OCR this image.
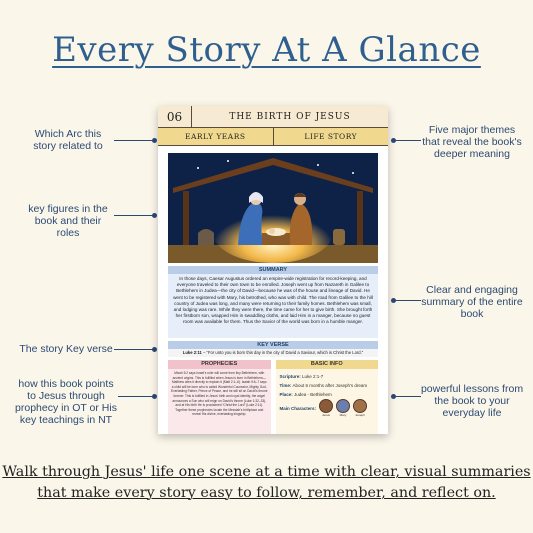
Every Story At A Glance
Which Arc this story related to
key figures in the book and their roles
The story Key verse
how this book points to Jesus through prophecy in OT or His key teachings in NT
Five major themes that reveal the book's deeper meaning
Clear and engaging summary of the entire book
powerful lessons from the book to your everyday life
06	THE BIRTH OF JESUS
EARLY YEARS	LIFE STORY
SUMMARY
In those days, Caesar Augustus ordered an empire-wide registration for record-keeping, and everyone traveled to their own town to be enrolled. Joseph went up from Nazareth in Galilee to Bethlehem in Judea—the city of David—because he was of the house and lineage of David. He went to be registered with Mary, his betrothed, who was with child. The road from Galilee to the hill country of Judea was long, and many were returning to their family homes. Bethlehem was small, and lodging was rare. While they were there, the time came for her to give birth. She brought forth her firstborn son, wrapped Him in swaddling cloths, and laid Him in a manger, because no guest room was available for them. Thus the Savior of the world was born in a humble manger.
KEY VERSE
Luke 2:11 – “For unto you is born this day in the city of David a Saviour, which is Christ the Lord.”
PROPHECIES
Micah 5:2 says Israel's ruler will come from tiny Bethlehem, with ancient origins. This is fulfilled when Jesus is born in Bethlehem—Matthew cites it directly to explain it (Matt 2:1–6). Isaiah 9:6–7 says a child will be born who is called Wonderful Counselor, Mighty God, Everlasting Father, Prince of Peace, and he will sit on David's throne forever. This is fulfilled in Jesus' birth and royal identity, the angel announces a Son who will reign on David's throne (Luke 1:32–33), and at His birth He is proclaimed “Christ the Lord” (Luke 2:11). Together these prophecies locate the Messiah's birthplace and reveal His divine, everlasting kingship.
BASIC INFO
Scripture: Luke 2:1-7
Time: About 6 months after Joseph's dream
Place: Judea - Bethlehem
Main Characters:
Jesus	Mary	Joseph
Walk through Jesus' life one scene at a time with clear, visual summaries that make every story easy to follow, remember, and reflect on.
